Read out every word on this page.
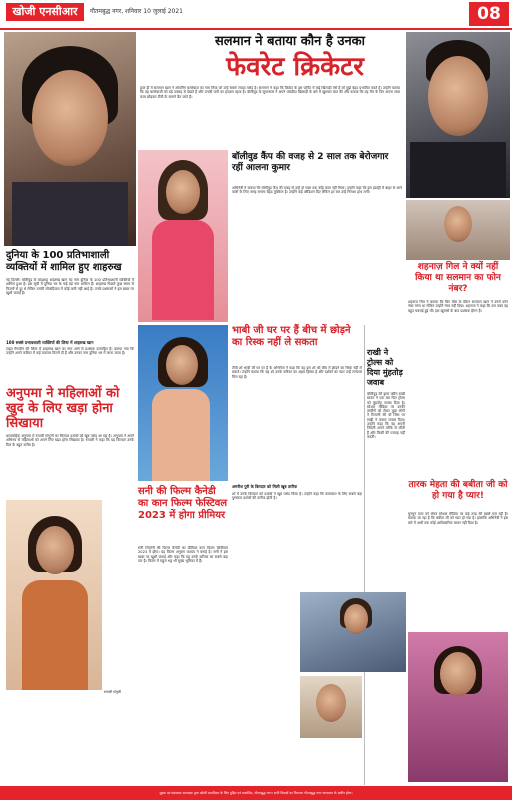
खोजी एनसीआर	गौतमबुद्ध नगर, शनिवार 10 जुलाई 2021	08
सलमान ने बताया कौन है उनका
फेवरेट क्रिकेटर
हाल ही में सलमान खान ने ओपनिंग बल्लेबाज़ का नाम लिया जो उन्हें सबसे ज्यादा पसंद है। सलमान ने कहा कि क्रिकेट के इस फॉर्मेट में कई खिलाड़ी ऐसे हैं जो मुझे बेहद प्रभावित करते हैं। उन्होंने बताया कि वह बल्लेबाज़ी को बड़े उत्साह से देखते हैं और उनकी पारी का इंतज़ार रहता है। बॉलीवुड के सुपरस्टार ने अपने पसंदीदा खिलाड़ी के बारे में खुलकर बात की और बताया कि वह मैच के दिन अपना सारा काम छोड़कर टीवी के सामने बैठ जाते हैं।
बॉलीवुड कैंप की वजह से 2 साल तक बेरोजगार रहीं आलना कुमार
अभिनेत्री ने बताया कि बॉलीवुड कैंप की वजह से उन्हें दो साल तक कोई काम नहीं मिला। उन्होंने कहा कि इस इंडस्ट्री में बाहर से आने वालों के लिए जगह बनाना बेहद मुश्किल है। उन्होंने कई ऑडिशन दिए लेकिन हर बार उन्हें निराशा हाथ लगी।
दुनिया के 100 प्रतिभाशाली व्यक्तियों में शामिल हुए शाहरुख
नई दिल्ली। बॉलीवुड के बादशाह शाहरुख खान का नाम दुनिया के 100 प्रतिभाशाली व्यक्तियों में शामिल हुआ है। इस सूची में दुनिया भर के कई बड़े नाम शामिल हैं। शाहरुख पिछले कुछ समय से फिल्मों से दूर थे लेकिन उनकी लोकप्रियता में कोई कमी नहीं आई है। उनके प्रशंसकों ने इस खबर पर खुशी जताई है।
100 सबसे प्रभावशाली व्यक्तियों की लिस्ट में शाहरुख खान
टाइम मैगजीन की लिस्ट में शाहरुख खान का नाम आने से प्रशंसक उत्साहित हैं। बताया गया कि उन्होंने अपने करियर में कई यादगार फिल्में दी हैं और उनका नाम दुनिया भर में जाना जाता है।
शहनाज़ गिल ने क्यों नहीं किया था सलमान का फोन नंबर?
शहनाज गिल ने बताया कि बिग बॉस के दौरान सलमान खान ने उनसे फोन नंबर मांगा था लेकिन उन्होंने नंबर नहीं दिया। शहनाज ने कहा कि उस वक्त वह बहुत घबराई हुई थीं। इस खुलासे के बाद प्रशंसक हैरान हैं।
भाबी जी घर पर हैं बीच में छोड़ने का रिस्क नहीं ले सकता
टीवी शो भाबी जी घर पर हैं के अभिनेता ने कहा कि वह इस शो को बीच में छोड़ने का रिस्क नहीं ले सकते। उन्होंने बताया कि यह शो उनके करियर का अहम हिस्सा है और दर्शकों का प्यार उन्हें लगातार मिल रहा है।
अमरीश पुरी के किरदार को मिली खूब तारीफ
शो में उनके किरदार को दर्शकों ने खूब पसंद किया है। उन्होंने कहा कि कलाकार के लिए सबसे बड़ा पुरस्कार दर्शकों की तारीफ होती है।
राखी ने ट्रोल्स को दिया मुंहतोड़ जवाब
बॉलीवुड की ड्रामा क्वीन राखी सावंत ने एक बार फिर ट्रोल्स को मुंहतोड़ जवाब दिया है। सोशल मीडिया पर उनकी तस्वीरों को लेकर कुछ लोगों ने टिप्पणी की थी जिस पर राखी ने करारा जवाब दिया। उन्होंने कहा कि वह अपनी जिंदगी अपने तरीके से जीती हैं और किसी की परवाह नहीं करतीं।
अनुपमा ने महिलाओं को खुद के लिए खड़ा होना सिखाया
धारावाहिक अनुपमा में रुपाली गांगुली का किरदार दर्शकों को खूब पसंद आ रहा है। अनुपमा ने अपने अभिनय से महिलाओं को अपने लिए खड़ा होना सिखाया है। रुपाली ने कहा कि यह किरदार उनके दिल के बहुत करीब है।
रुपाली गांगुली
सनी की फिल्म कैनेडी का कान फिल्म फेस्टिवल 2023 में होगा प्रीमियर
सनी लियोनी की फिल्म कैनेडी का प्रीमियर कान फिल्म फेस्टिवल 2023 में होगा। यह फिल्म अनुराग कश्यप ने बनाई है। सनी ने इस खबर पर खुशी जताई और कहा कि यह उनके करियर का सबसे बड़ा पल है। फिल्म में राहुल भट्ट भी मुख्य भूमिका में हैं।
तारक मेहता की बबीता जी को हो गया है प्यार!
मुनमुन दत्ता को लेकर सोशल मीडिया पर कई तरह की खबरें चल रही हैं। बताया जा रहा है कि बबीता जी को प्यार हो गया है। हालांकि अभिनेत्री ने इस बारे में अभी तक कोई आधिकारिक बयान नहीं दिया है।
मुद्रक एवं प्रकाशक सम्पादक द्वारा खोजी एनसीआर के लिए मुद्रित एवं प्रकाशित, गौतमबुद्ध नगर। सभी विवादों का निपटारा गौतमबुद्ध नगर न्यायालय के अधीन होगा।
